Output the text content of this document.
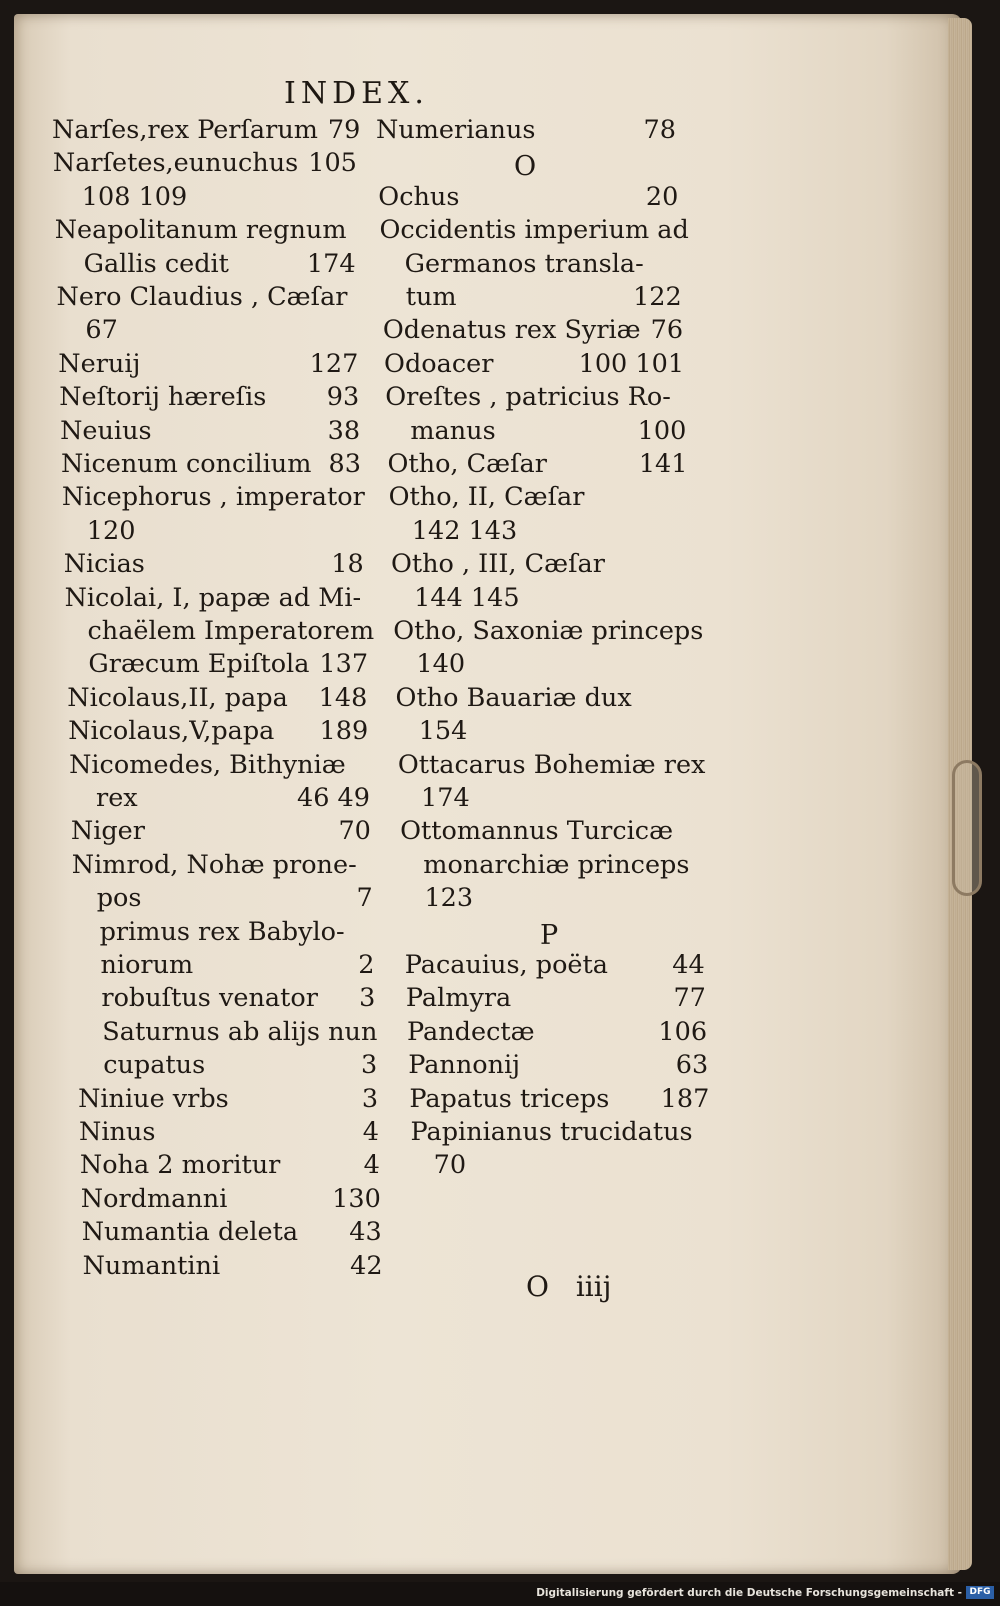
INDEX.
Narſes,rex Perſarum 79
Narſetes,eunuchus 105
108 109
Neapolitanum regnum
Gallis cedit	174
Nero Claudius , Cæſar
67
Neruij	127
Neſtorij hæreſis 93
Neuius	38
Nicenum concilium 83
Nicephorus , imperator
120
Nicias	18
Nicolai, I, papæ ad Mi-
chaëlem Imperatorem
Græcum Epiſtola 137
Nicolaus,II, papa 148
Nicolaus,V,papa 189
Nicomedes, Bithyniæ
rex	46 49
Niger	70
Nimrod, Nohæ prone-
pos	7
primus rex Babylo-
niorum	2
robuſtus venator 3
Saturnus ab alijs nun
cupatus	3
Niniue vrbs	3
Ninus	4
Noha 2 moritur	4
Nordmanni	130
Numantia deleta 43
Numantini	42
Numerianus	78
O
Ochus	20
Occidentis imperium ad
Germanos transla-
tum	122
Odenatus rex Syriæ 76
Odoacer	100 101
Oreſtes , patricius Ro-
manus	100
Otho, Cæſar	141
Otho, II, Cæſar
142 143
Otho , III, Cæſar
144 145
Otho, Saxoniæ princeps
140
Otho Bauariæ dux
154
Ottacarus Bohemiæ rex
174
Ottomannus Turcicæ
monarchiæ princeps
123
P
Pacauius, poëta	44
Palmyra	77
Pandectæ	106
Pannonij	63
Papatus triceps 187
Papinianus trucidatus
70
O iiij
Digitalisierung gefördert durch die Deutsche Forschungsgemeinschaft - DFG
